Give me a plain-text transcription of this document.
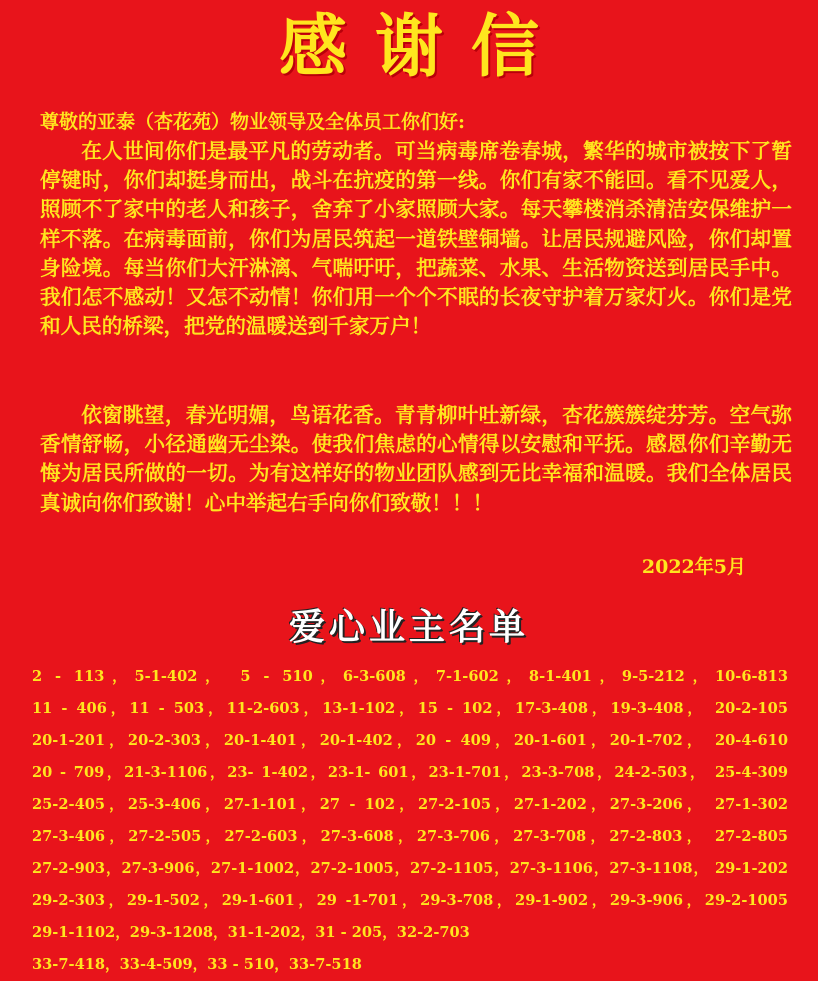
感谢信
尊敬的亚泰（杏花苑）物业领导及全体员工你们好:
在人世间你们是最平凡的劳动者。可当病毒席卷春城，繁华的城市被按下了暂停键时，你们却挺身而出，战斗在抗疫的第一线。你们有家不能回。看不见爱人，照顾不了家中的老人和孩子，舍弃了小家照顾大家。每天攀楼消杀清洁安保维护一样不落。在病毒面前，你们为居民筑起一道铁壁铜墙。让居民规避风险，你们却置身险境。每当你们大汗淋漓、气喘吁吁，把蔬菜、水果、生活物资送到居民手中。我们怎不感动！又怎不动情！你们用一个个不眠的长夜守护着万家灯火。你们是党和人民的桥梁，把党的温暖送到千家万户！
依窗眺望，春光明媚，鸟语花香。青青柳叶吐新绿，杏花簇簇绽芬芳。空气弥香情舒畅，小径通幽无尘染。使我们焦虑的心情得以安慰和平抚。感恩你们辛勤无悔为居民所做的一切。为有这样好的物业团队感到无比幸福和温暖。我们全体居民真诚向你们致谢！心中举起右手向你们致敬！！！
2022年5月
爱心业主名单
2 - 113，5-1-402， 5 - 510，6-3-608，7-1-602，8-1-401，9-5-212，10-6-813
11 - 406，11 - 503，11-2-603，13-1-102，15 - 102，17-3-408，19-3-408， 20-2-105
20-1-201，20-2-303，20-1-401，20-1-402，20 - 409，20-1-601，20-1-702， 20-4-610
20 - 709，21-3-1106，23- 1-402，23-1- 601，23-1-701，23-3-708，24-2-503， 25-4-309
25-2-405，25-3-406，27-1-101，27 - 102，27-2-105，27-1-202，27-3-206， 27-1-302
27-3-406，27-2-505，27-2-603，27-3-608，27-3-706，27-3-708，27-2-803， 27-2-805
27-2-903，27-3-906，27-1-1002，27-2-1005，27-2-1105，27-3-1106，27-3-1108， 29-1-202
29-2-303，29-1-502，29-1-601，29 -1-701，29-3-708，29-1-902，29-3-906，29-2-1005
29-1-1102，29-3-1208，31-1-202，31 - 205，32-2-703
33-7-418，33-4-509，33 - 510，33-7-518
